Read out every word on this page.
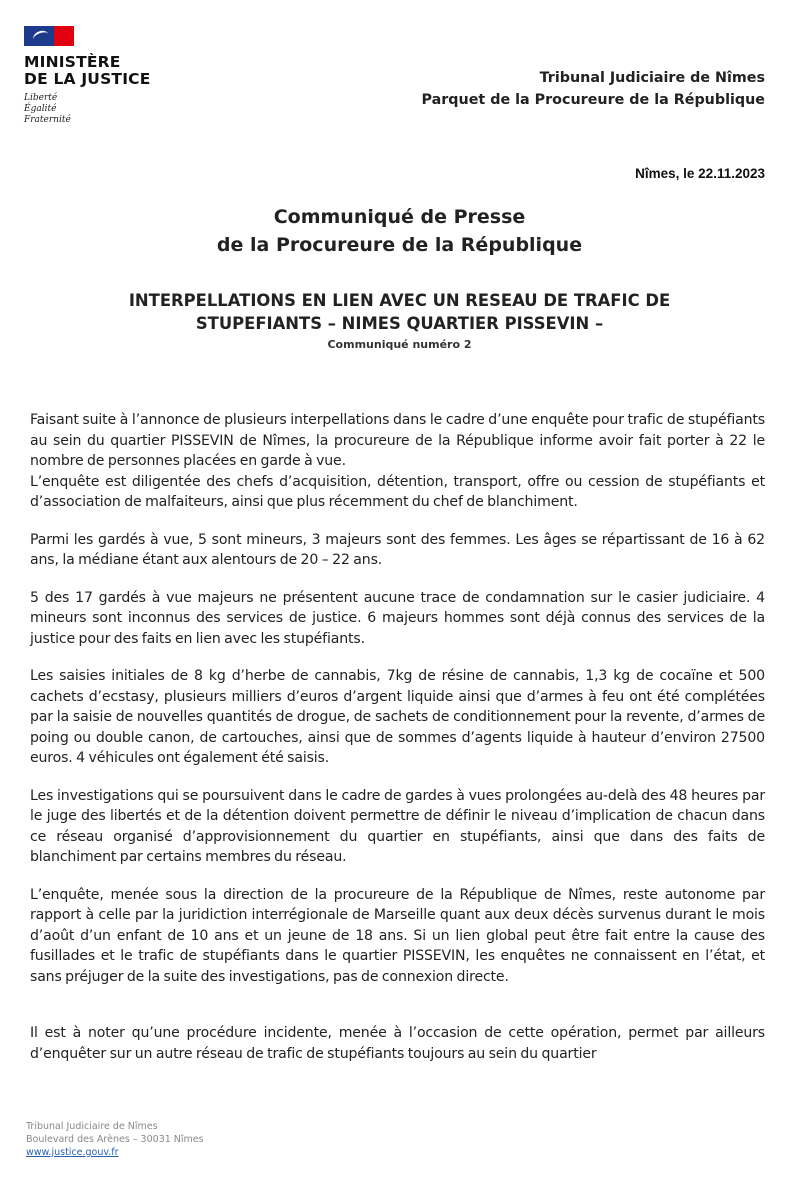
MINISTÈRE
DE LA JUSTICE
Liberté
Égalité
Fraternité
Tribunal Judiciaire de Nîmes
Parquet de la Procureure de la République
Nîmes, le 22.11.2023
Communiqué de Presse
de la Procureure de la République
INTERPELLATIONS EN LIEN AVEC UN RESEAU DE TRAFIC DE
STUPEFIANTS – NIMES QUARTIER PISSEVIN –
Communiqué numéro 2

Faisant suite à l’annonce de plusieurs interpellations dans le cadre d’une enquête pour trafic de stupéfiants au sein du quartier PISSEVIN de Nîmes, la procureure de la République informe avoir fait porter à 22 le nombre de personnes placées en garde à vue.
L’enquête est diligentée des chefs d’acquisition, détention, transport, offre ou cession de stupéfiants et d’association de malfaiteurs, ainsi que plus récemment du chef de blanchiment.

Parmi les gardés à vue, 5 sont mineurs, 3 majeurs sont des femmes. Les âges se répartissant de 16 à 62 ans, la médiane étant aux alentours de 20 – 22 ans.

5 des 17 gardés à vue majeurs ne présentent aucune trace de condamnation sur le casier judiciaire. 4 mineurs sont inconnus des services de justice. 6 majeurs hommes sont déjà connus des services de la justice pour des faits en lien avec les stupéfiants.

Les saisies initiales de 8 kg d’herbe de cannabis, 7kg de résine de cannabis, 1,3 kg de cocaïne et 500 cachets d’ecstasy, plusieurs milliers d’euros d’argent liquide ainsi que d’armes à feu ont été complétées par la saisie de nouvelles quantités de drogue, de sachets de conditionnement pour la revente, d’armes de poing ou double canon, de cartouches, ainsi que de sommes d’agents liquide à hauteur d’environ 27500 euros. 4 véhicules ont également été saisis.

Les investigations qui se poursuivent dans le cadre de gardes à vues prolongées au-delà des 48 heures par le juge des libertés et de la détention doivent permettre de définir le niveau d’implication de chacun dans ce réseau organisé d’approvisionnement du quartier en stupéfiants, ainsi que dans des faits de blanchiment par certains membres du réseau.

L’enquête, menée sous la direction de la procureure de la République de Nîmes, reste autonome par rapport à celle par la juridiction interrégionale de Marseille quant aux deux décès survenus durant le mois d’août d’un enfant de 10 ans et un jeune de 18 ans. Si un lien global peut être fait entre la cause des fusillades et le trafic de stupéfiants dans le quartier PISSEVIN, les enquêtes ne connaissent en l’état, et sans préjuger de la suite des investigations, pas de connexion directe.

Il est à noter qu’une procédure incidente, menée à l’occasion de cette opération, permet par ailleurs d’enquêter sur un autre réseau de trafic de stupéfiants toujours au sein du quartier

Tribunal Judiciaire de Nîmes
Boulevard des Arènes – 30031 Nîmes
www.justice.gouv.fr
